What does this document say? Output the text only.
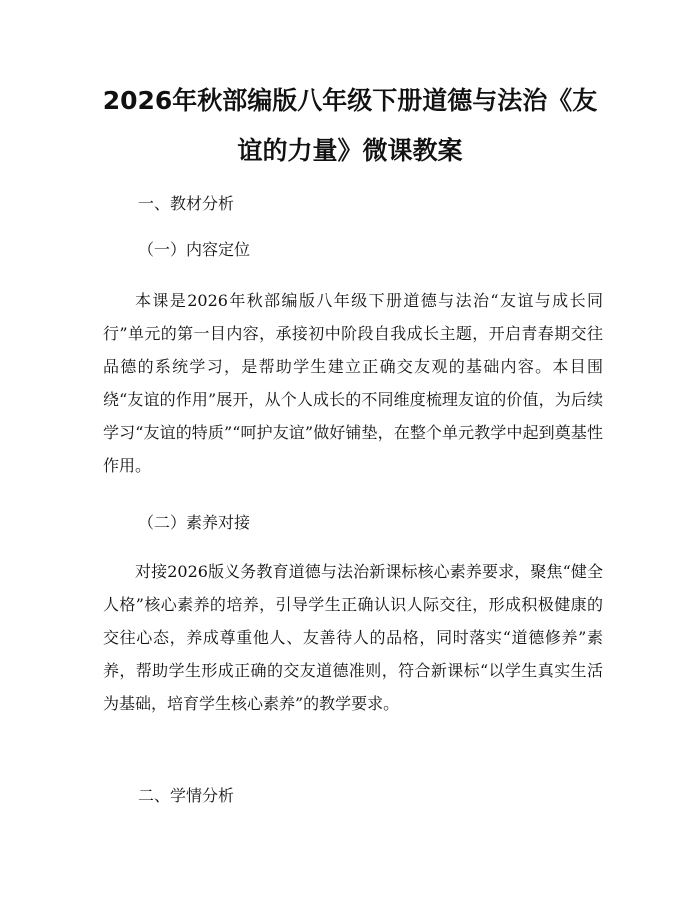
2026年秋部编版八年级下册道德与法治《友
谊的力量》微课教案
一、教材分析
（一）内容定位
本课是2026年秋部编版八年级下册道德与法治“友谊与成长同行”单元的第一目内容，承接初中阶段自我成长主题，开启青春期交往品德的系统学习，是帮助学生建立正确交友观的基础内容。本目围绕“友谊的作用”展开，从个人成长的不同维度梳理友谊的价值，为后续学习“友谊的特质”“呵护友谊”做好铺垫，在整个单元教学中起到奠基性作用。
（二）素养对接
对接2026版义务教育道德与法治新课标核心素养要求，聚焦“健全人格”核心素养的培养，引导学生正确认识人际交往，形成积极健康的交往心态，养成尊重他人、友善待人的品格，同时落实“道德修养”素养，帮助学生形成正确的交友道德准则，符合新课标“以学生真实生活为基础，培育学生核心素养”的教学要求。
二、学情分析
